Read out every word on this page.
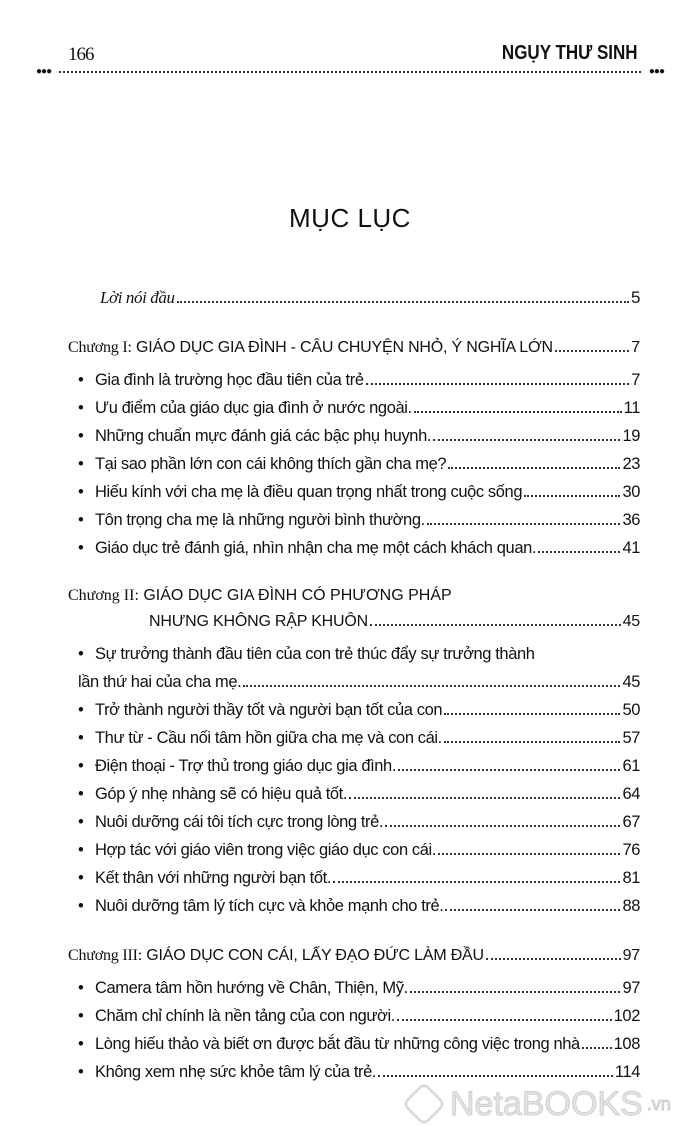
166	NGỤY THƯ SINH
●●●	●●●
MỤC LỤC
Lời nói đầu	5
Chương I: GIÁO DỤC GIA ĐÌNH - CÂU CHUYỆN NHỎ, Ý NGHĨA LỚN	7
• Gia đình là trường học đầu tiên của trẻ	7
• Ưu điểm của giáo dục gia đình ở nước ngoài.	11
• Những chuẩn mực đánh giá các bậc phụ huynh.	19
• Tại sao phần lớn con cái không thích gần cha mẹ?	23
• Hiếu kính với cha mẹ là điều quan trọng nhất trong cuộc sống	30
• Tôn trọng cha mẹ là những người bình thường.	36
• Giáo dục trẻ đánh giá, nhìn nhận cha mẹ một cách khách quan.	41
Chương II: GIÁO DỤC GIA ĐÌNH CÓ PHƯƠNG PHÁP
NHƯNG KHÔNG RẬP KHUÔN	45
• Sự trưởng thành đầu tiên của con trẻ thúc đẩy sự trưởng thành
lần thứ hai của cha mẹ.	45
• Trở thành người thầy tốt và người bạn tốt của con	50
• Thư từ - Cầu nối tâm hồn giữa cha mẹ và con cái.	57
• Điện thoại - Trợ thủ trong giáo dục gia đình.	61
• Góp ý nhẹ nhàng sẽ có hiệu quả tốt.	64
• Nuôi dưỡng cái tôi tích cực trong lòng trẻ.	67
• Hợp tác với giáo viên trong việc giáo dục con cái.	76
• Kết thân với những người bạn tốt.	81
• Nuôi dưỡng tâm lý tích cực và khỏe mạnh cho trẻ.	88
Chương III: GIÁO DỤC CON CÁI, LẤY ĐẠO ĐỨC LÀM ĐẦU	97
• Camera tâm hồn hướng về Chân, Thiện, Mỹ.	97
• Chăm chỉ chính là nền tảng của con người.	102
• Lòng hiếu thảo và biết ơn được bắt đầu từ những công việc trong nhà 108
• Không xem nhẹ sức khỏe tâm lý của trẻ.	114
NetaBOOKS .vn
